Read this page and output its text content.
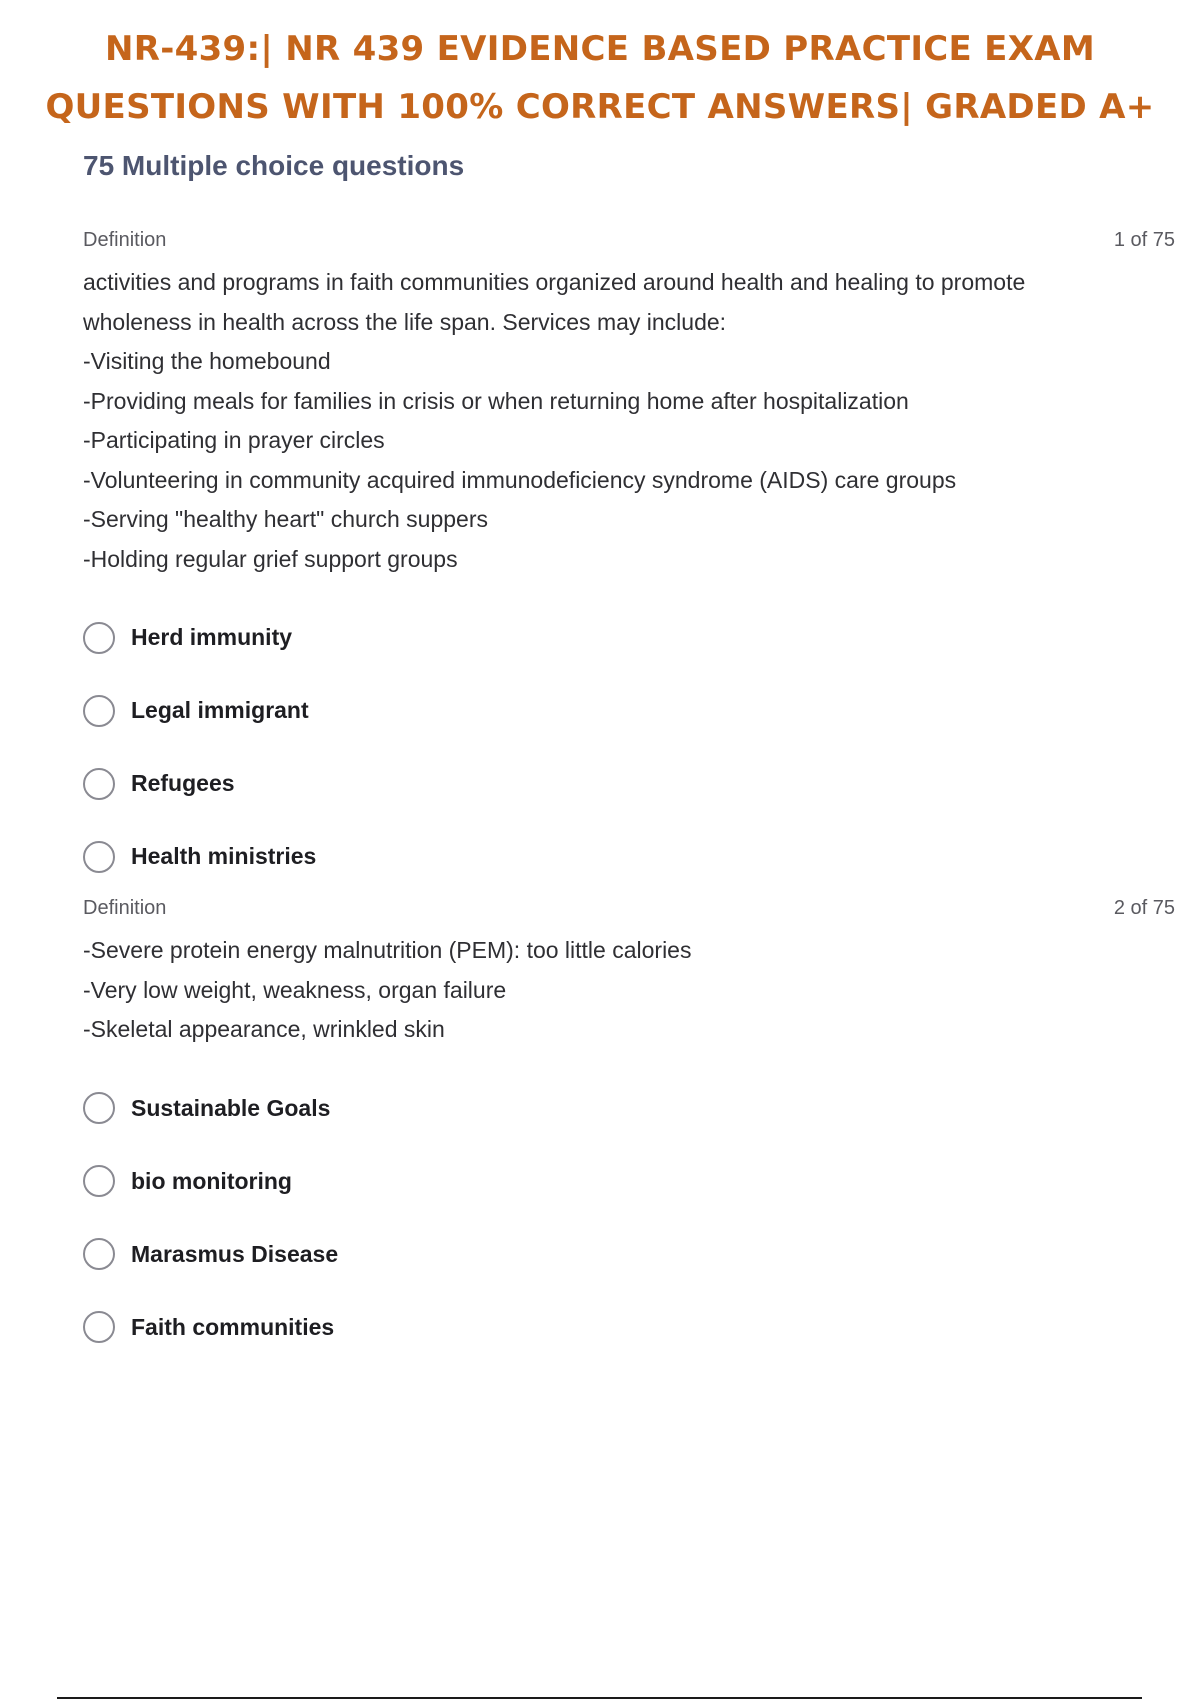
NR-439:| NR 439 EVIDENCE BASED PRACTICE EXAM
QUESTIONS WITH 100% CORRECT ANSWERS| GRADED A+
75 Multiple choice questions
Definition	1 of 75
activities and programs in faith communities organized around health and healing to promote
wholeness in health across the life span. Services may include:
-Visiting the homebound
-Providing meals for families in crisis or when returning home after hospitalization
-Participating in prayer circles
-Volunteering in community acquired immunodeficiency syndrome (AIDS) care groups
-Serving "healthy heart" church suppers
-Holding regular grief support groups
Herd immunity
Legal immigrant
Refugees
Health ministries
Definition	2 of 75
-Severe protein energy malnutrition (PEM): too little calories
-Very low weight, weakness, organ failure
-Skeletal appearance, wrinkled skin
Sustainable Goals
bio monitoring
Marasmus Disease
Faith communities
